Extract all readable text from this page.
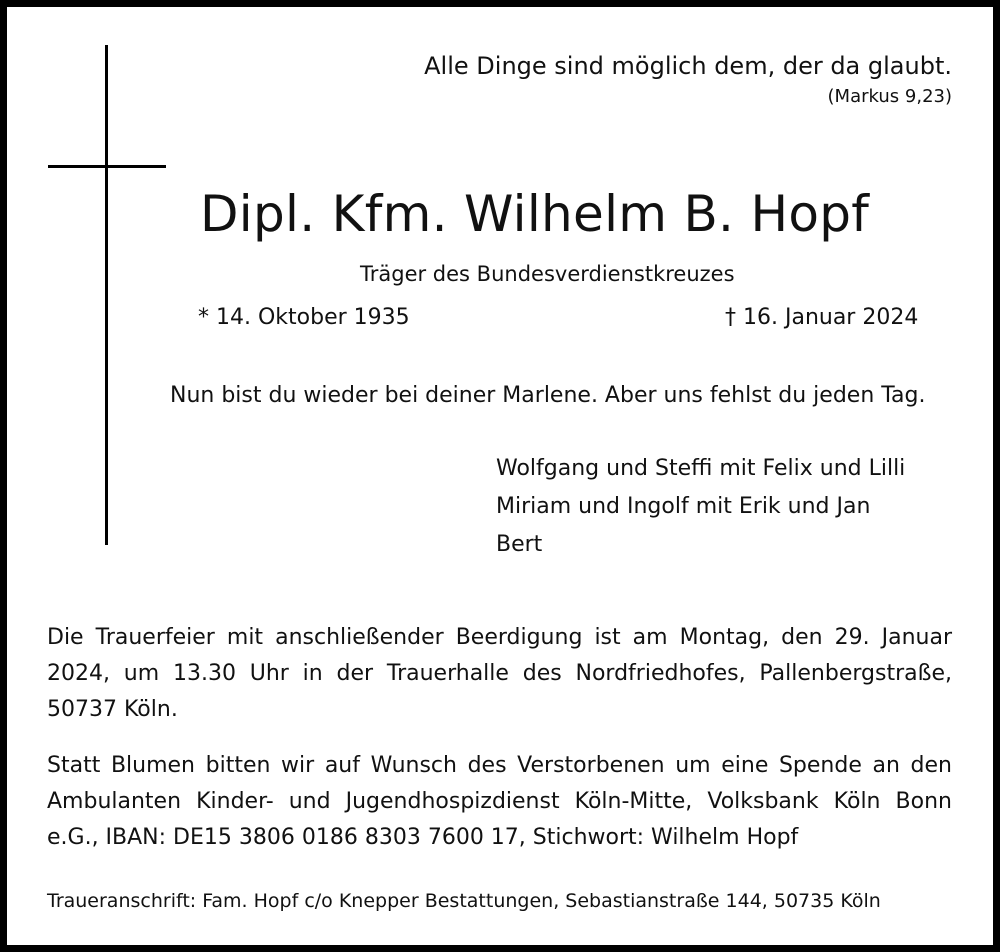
Alle Dinge sind möglich dem, der da glaubt.
(Markus 9,23)
Dipl. Kfm. Wilhelm B. Hopf
Träger des Bundesverdienstkreuzes
* 14. Oktober 1935	† 16. Januar 2024
Nun bist du wieder bei deiner Marlene. Aber uns fehlst du jeden Tag.
Wolfgang und Steffi mit Felix und Lilli
Miriam und Ingolf mit Erik und Jan
Bert
Die Trauerfeier mit anschließender Beerdigung ist am Montag, den 29. Januar 2024, um 13.30 Uhr in der Trauerhalle des Nordfriedhofes, Pallenbergstraße, 50737 Köln.
Statt Blumen bitten wir auf Wunsch des Verstorbenen um eine Spende an den Ambulanten Kinder- und Jugendhospizdienst Köln-Mitte, Volksbank Köln Bonn e.G., IBAN: DE15 3806 0186 8303 7600 17, Stichwort: Wilhelm Hopf
Traueranschrift: Fam. Hopf c/o Knepper Bestattungen, Sebastianstraße 144, 50735 Köln
